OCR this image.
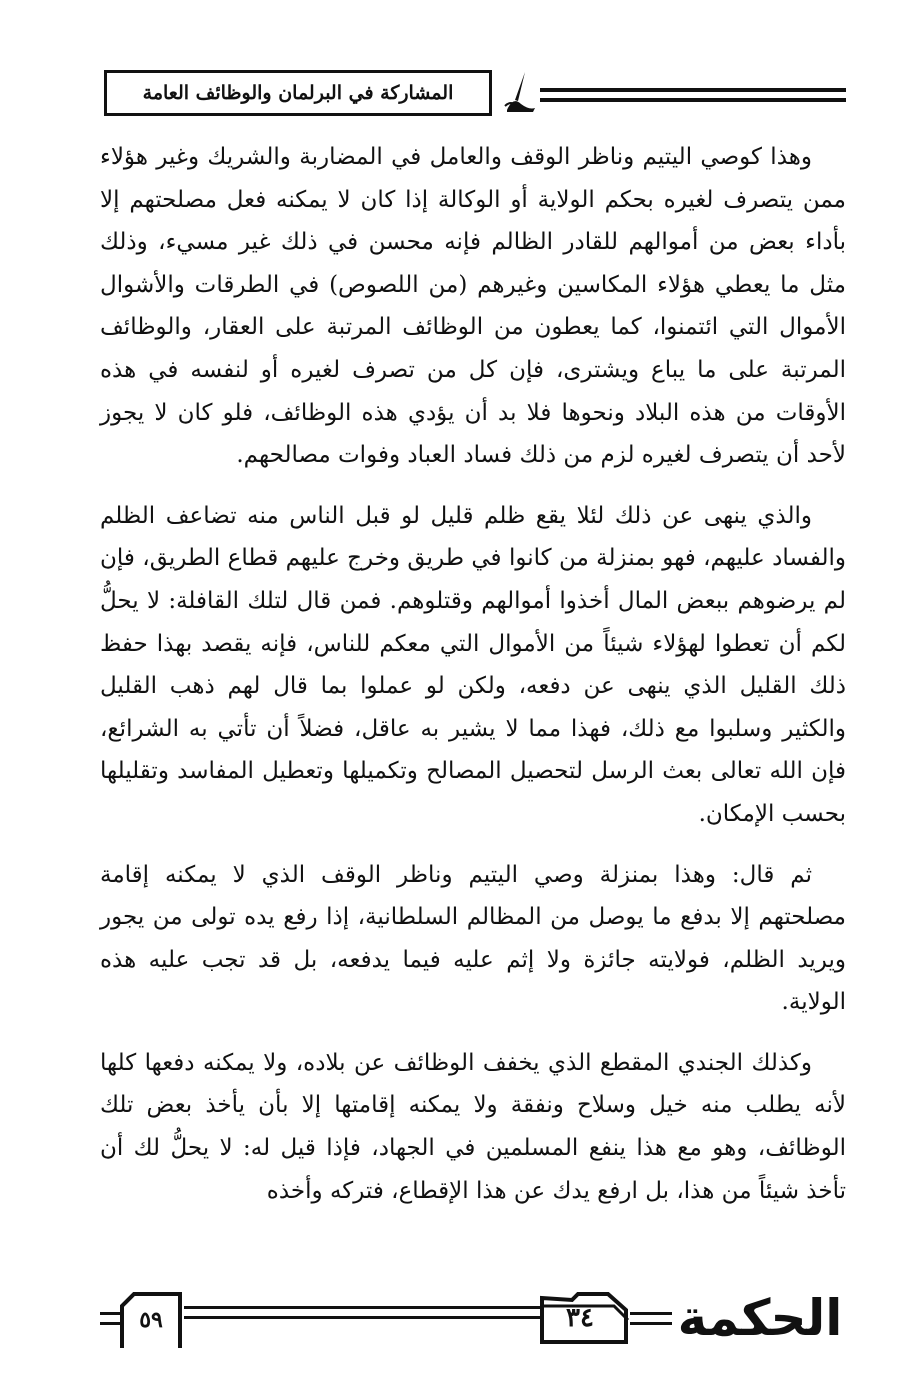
المشاركة في البرلمان والوظائف العامة

وهذا كوصي اليتيم وناظر الوقف والعامل في المضاربة والشريك وغير هؤلاء ممن يتصرف لغيره بحكم الولاية أو الوكالة إذا كان لا يمكنه فعل مصلحتهم إلا بأداء بعض من أموالهم للقادر الظالم فإنه محسن في ذلك غير مسيء، وذلك مثل ما يعطي هؤلاء المكاسين وغيرهم (من اللصوص) في الطرقات والأشوال الأموال التي ائتمنوا، كما يعطون من الوظائف المرتبة على العقار، والوظائف المرتبة على ما يباع ويشترى، فإن كل من تصرف لغيره أو لنفسه في هذه الأوقات من هذه البلاد ونحوها فلا بد أن يؤدي هذه الوظائف، فلو كان لا يجوز لأحد أن يتصرف لغيره لزم من ذلك فساد العباد وفوات مصالحهم.

والذي ينهى عن ذلك لئلا يقع ظلم قليل لو قبل الناس منه تضاعف الظلم والفساد عليهم، فهو بمنزلة من كانوا في طريق وخرج عليهم قطاع الطريق، فإن لم يرضوهم ببعض المال أخذوا أموالهم وقتلوهم. فمن قال لتلك القافلة: لا يحلُّ لكم أن تعطوا لهؤلاء شيئاً من الأموال التي معكم للناس، فإنه يقصد بهذا حفظ ذلك القليل الذي ينهى عن دفعه، ولكن لو عملوا بما قال لهم ذهب القليل والكثير وسلبوا مع ذلك، فهذا مما لا يشير به عاقل، فضلاً أن تأتي به الشرائع، فإن الله تعالى بعث الرسل لتحصيل المصالح وتكميلها وتعطيل المفاسد وتقليلها بحسب الإمكان.

ثم قال: وهذا بمنزلة وصي اليتيم وناظر الوقف الذي لا يمكنه إقامة مصلحتهم إلا بدفع ما يوصل من المظالم السلطانية، إذا رفع يده تولى من يجور ويريد الظلم، فولايته جائزة ولا إثم عليه فيما يدفعه، بل قد تجب عليه هذه الولاية.

وكذلك الجندي المقطع الذي يخفف الوظائف عن بلاده، ولا يمكنه دفعها كلها لأنه يطلب منه خيل وسلاح ونفقة ولا يمكنه إقامتها إلا بأن يأخذ بعض تلك الوظائف، وهو مع هذا ينفع المسلمين في الجهاد، فإذا قيل له: لا يحلُّ لك أن تأخذ شيئاً من هذا، بل ارفع يدك عن هذا الإقطاع، فتركه وأخذه

٥٩	٣٤	الحكمة
